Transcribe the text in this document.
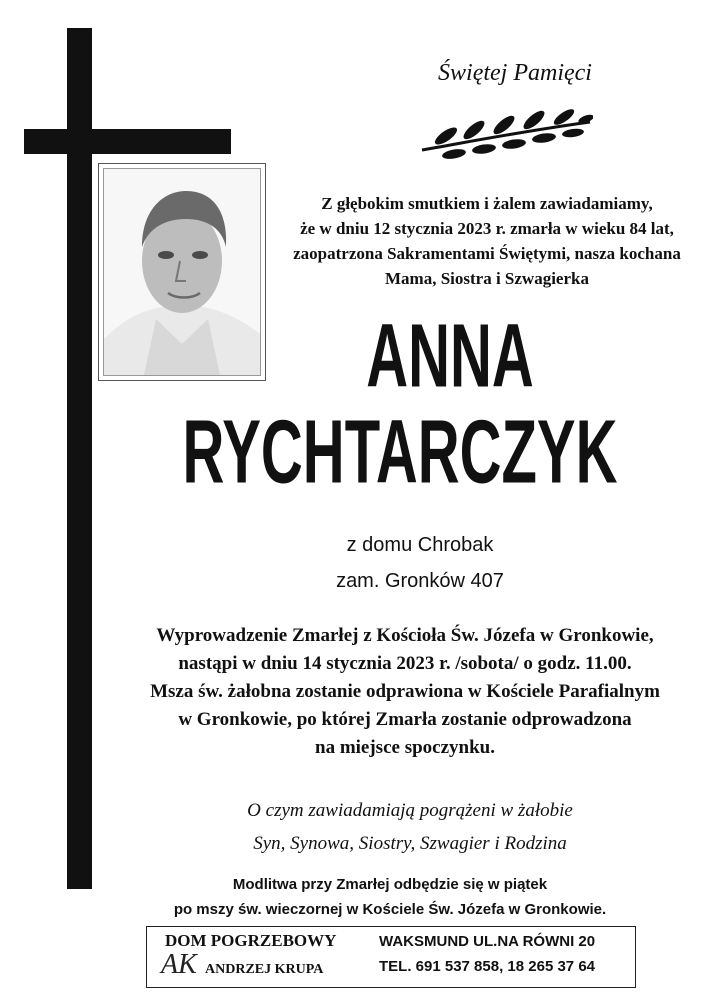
Świętej Pamięci
Z głębokim smutkiem i żalem zawiadamiamy,
że w dniu 12 stycznia 2023 r. zmarła w wieku 84 lat,
zaopatrzona Sakramentami Świętymi, nasza kochana
Mama, Siostra i Szwagierka
ANNA
RYCHTARCZYK
z domu Chrobak
zam. Gronków 407
Wyprowadzenie Zmarłej z Kościoła Św. Józefa w Gronkowie,
nastąpi w dniu 14 stycznia 2023 r. /sobota/ o godz. 11.00.
Msza św. żałobna zostanie odprawiona w Kościele Parafialnym
w Gronkowie, po której Zmarła zostanie odprowadzona
na miejsce spoczynku.
O czym zawiadamiają pogrążeni w żałobie
Syn, Synowa, Siostry, Szwagier i Rodzina
Modlitwa przy Zmarłej odbędzie się w piątek
po mszy św. wieczornej w Kościele Św. Józefa w Gronkowie.
DOM POGRZEBOWY
AK ANDRZEJ KRUPA
WAKSMUND UL.NA RÓWNI 20
TEL. 691 537 858, 18 265 37 64
